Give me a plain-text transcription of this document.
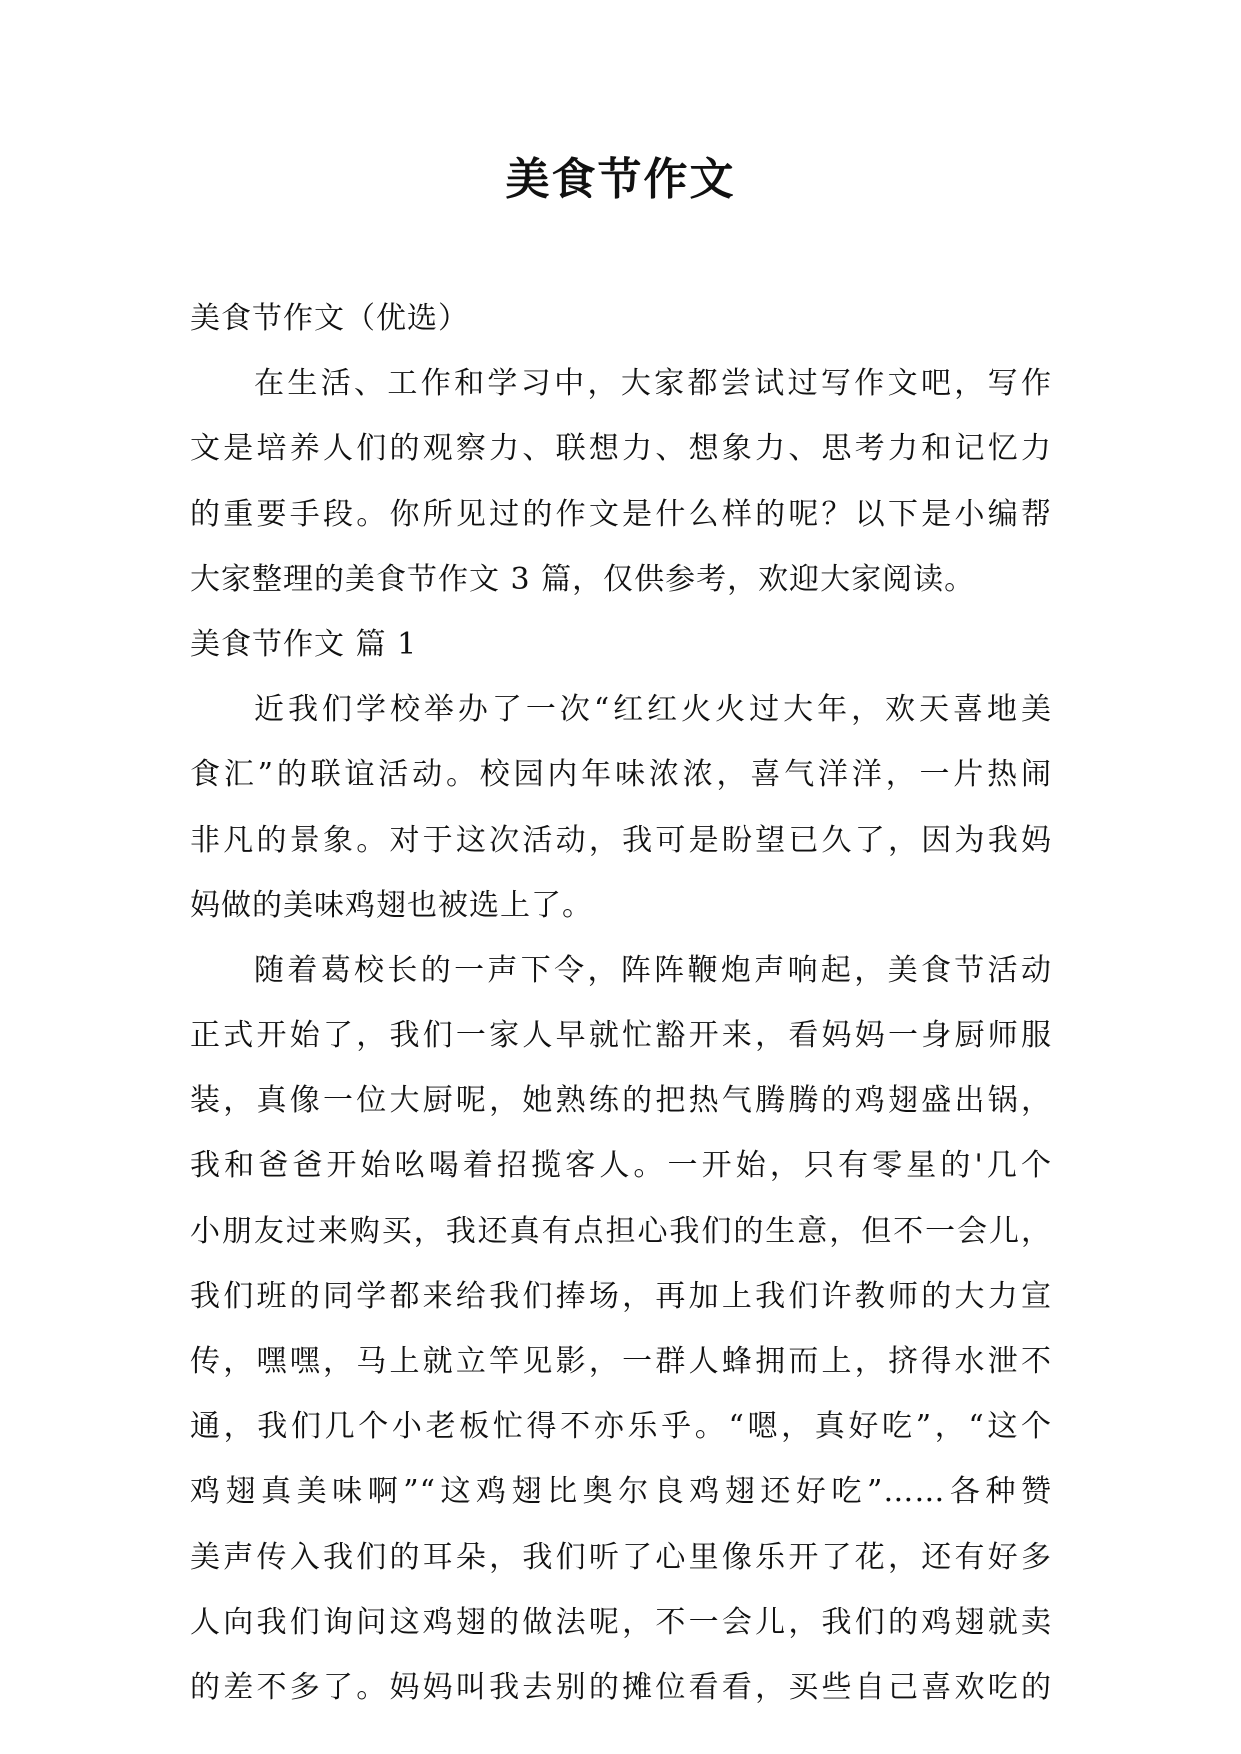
美食节作文
美食节作文（优选）
在生活、工作和学习中，大家都尝试过写作文吧，写作
文是培养人们的观察力、联想力、想象力、思考力和记忆力
的重要手段。你所见过的作文是什么样的呢？以下是小编帮
大家整理的美食节作文 3 篇，仅供参考，欢迎大家阅读。
美食节作文 篇 1
近我们学校举办了一次“红红火火过大年，欢天喜地美
食汇”的联谊活动。校园内年味浓浓，喜气洋洋，一片热闹
非凡的景象。对于这次活动，我可是盼望已久了，因为我妈
妈做的美味鸡翅也被选上了。
随着葛校长的一声下令，阵阵鞭炮声响起，美食节活动
正式开始了，我们一家人早就忙豁开来，看妈妈一身厨师服
装，真像一位大厨呢，她熟练的把热气腾腾的鸡翅盛出锅，
我和爸爸开始吆喝着招揽客人。一开始，只有零星的'几个
小朋友过来购买，我还真有点担心我们的生意，但不一会儿，
我们班的同学都来给我们捧场，再加上我们许教师的大力宣
传，嘿嘿，马上就立竿见影，一群人蜂拥而上，挤得水泄不
通，我们几个小老板忙得不亦乐乎。“嗯，真好吃”，“这个
鸡翅真美味啊”“这鸡翅比奥尔良鸡翅还好吃”……各种赞
美声传入我们的耳朵，我们听了心里像乐开了花，还有好多
人向我们询问这鸡翅的做法呢，不一会儿，我们的鸡翅就卖
的差不多了。妈妈叫我去别的摊位看看，买些自己喜欢吃的
